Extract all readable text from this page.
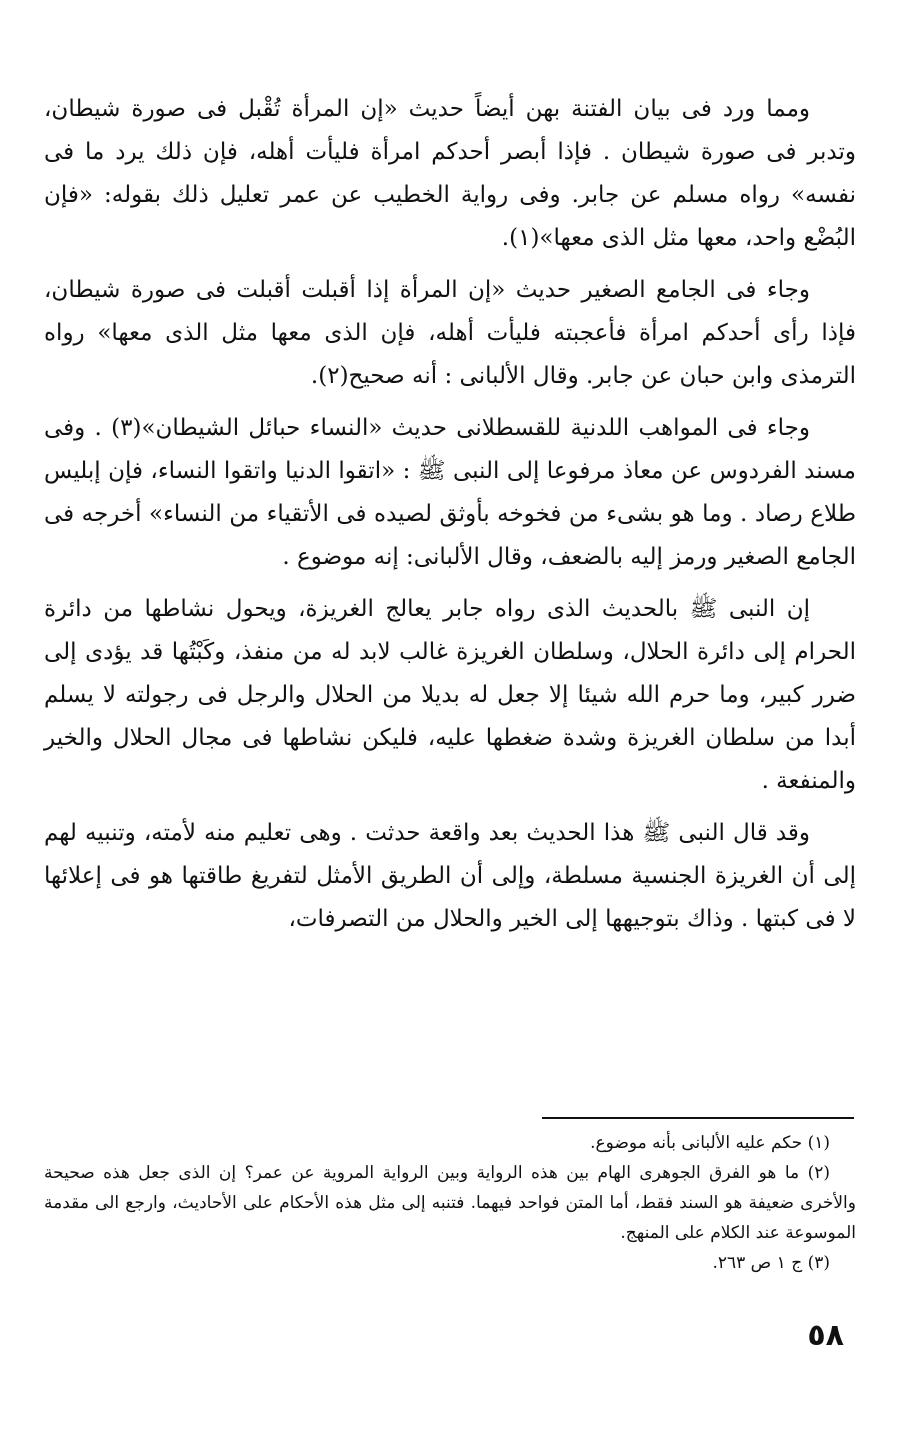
ومما ورد فى بيان الفتنة بهن أيضاً حديث «إن المرأة تُقْبل فى صورة شيطان، وتدبر فى صورة شيطان . فإذا أبصر أحدكم امرأة فليأت أهله، فإن ذلك يرد ما فى نفسه» رواه مسلم عن جابر. وفى رواية الخطيب عن عمر تعليل ذلك بقوله: «فإن البُضْع واحد، معها مثل الذى معها»(١).

وجاء فى الجامع الصغير حديث «إن المرأة إذا أقبلت أقبلت فى صورة شيطان، فإذا رأى أحدكم امرأة فأعجبته فليأت أهله، فإن الذى معها مثل الذى معها» رواه الترمذى وابن حبان عن جابر. وقال الألبانى : أنه صحيح(٢).

وجاء فى المواهب اللدنية للقسطلانى حديث «النساء حبائل الشيطان»(٣) . وفى مسند الفردوس عن معاذ مرفوعا إلى النبى ﷺ : «اتقوا الدنيا واتقوا النساء، فإن إبليس طلاع رصاد . وما هو بشىء من فخوخه بأوثق لصيده فى الأتقياء من النساء» أخرجه فى الجامع الصغير ورمز إليه بالضعف، وقال الألبانى: إنه موضوع .

إن النبى ﷺ بالحديث الذى رواه جابر يعالج الغريزة، ويحول نشاطها من دائرة الحرام إلى دائرة الحلال، وسلطان الغريزة غالب لابد له من منفذ، وكَبْتُها قد يؤدى إلى ضرر كبير، وما حرم الله شيئا إلا جعل له بديلا من الحلال والرجل فى رجولته لا يسلم أبدا من سلطان الغريزة وشدة ضغطها عليه، فليكن نشاطها فى مجال الحلال والخير والمنفعة .

وقد قال النبى ﷺ هذا الحديث بعد واقعة حدثت . وهى تعليم منه لأمته، وتنبيه لهم إلى أن الغريزة الجنسية مسلطة، وإلى أن الطريق الأمثل لتفريغ طاقتها هو فى إعلائها لا فى كبتها . وذاك بتوجيهها إلى الخير والحلال من التصرفات،

(١) حكم عليه الألبانى بأنه موضوع.

(٢) ما هو الفرق الجوهرى الهام بين هذه الرواية وبين الرواية المروية عن عمر؟ إن الذى جعل هذه صحيحة والأخرى ضعيفة هو السند فقط، أما المتن فواحد فيهما. فتنبه إلى مثل هذه الأحكام على الأحاديث، وارجع الى مقدمة الموسوعة عند الكلام على المنهج.

(٣) ج ١ ص ٢٦٣.

٥٨
